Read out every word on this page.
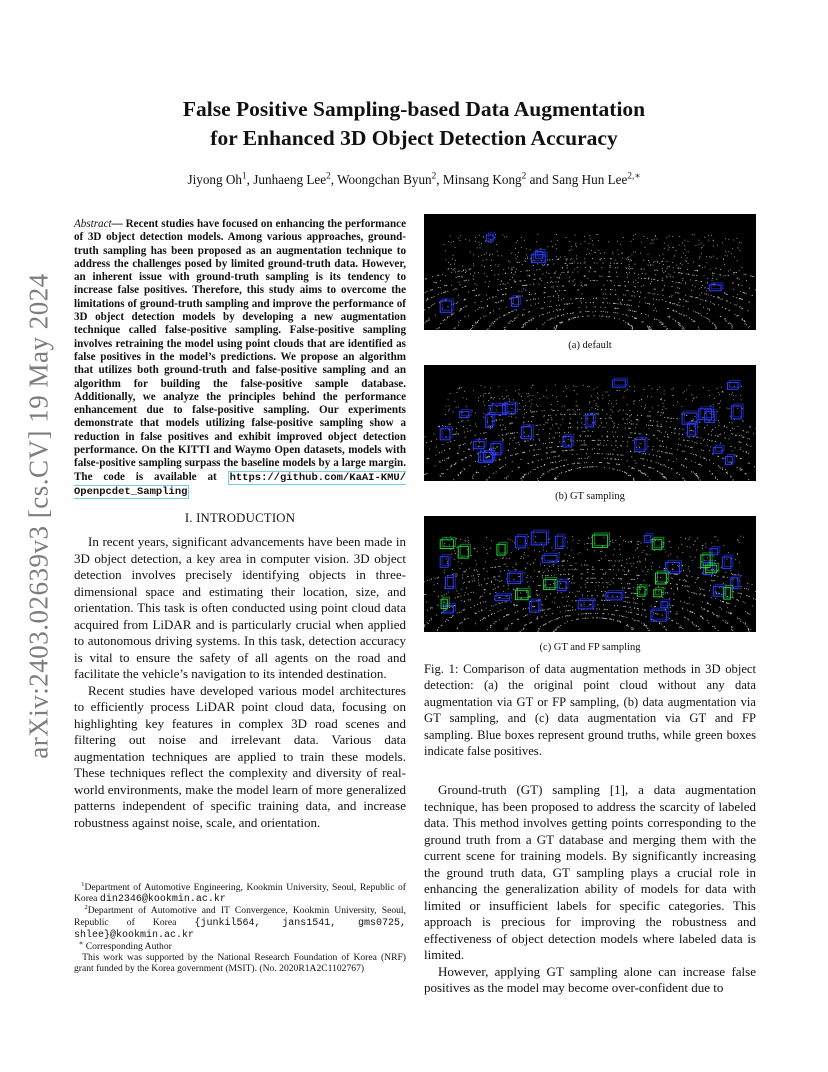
arXiv:2403.02639v3 [cs.CV] 19 May 2024
False Positive Sampling-based Data Augmentation
for Enhanced 3D Object Detection Accuracy
Jiyong Oh$^1$, Junhaeng Lee$^2$, Woongchan Byun$^2$, Minsang Kong$^2$ and Sang Hun Lee$^{2,∗}$
Abstract— Recent studies have focused on enhancing the performance of 3D object detection models. Among various approaches, ground-truth sampling has been proposed as an augmentation technique to address the challenges posed by limited ground-truth data. However, an inherent issue with ground-truth sampling is its tendency to increase false positives. Therefore, this study aims to overcome the limitations of ground-truth sampling and improve the performance of 3D object detection models by developing a new augmentation technique called false-positive sampling. False-positive sampling involves retraining the model using point clouds that are identified as false positives in the model’s predictions. We propose an algorithm that utilizes both ground-truth and false-positive sampling and an algorithm for building the false-positive sample database. Additionally, we analyze the principles behind the performance enhancement due to false-positive sampling. Our experiments demonstrate that models utilizing false-positive sampling show a reduction in false positives and exhibit improved object detection performance. On the KITTI and Waymo Open datasets, models with false-positive sampling surpass the baseline models by a large margin. The code is available at https://github.com/KaAI-KMU/ Openpcdet_Sampling
I. INTRODUCTION

In recent years, significant advancements have been made in 3D object detection, a key area in computer vision. 3D object detection involves precisely identifying objects in three-dimensional space and estimating their location, size, and orientation. This task is often conducted using point cloud data acquired from LiDAR and is particularly crucial when applied to autonomous driving systems. In this task, detection accuracy is vital to ensure the safety of all agents on the road and facilitate the vehicle’s navigation to its intended destination.

Recent studies have developed various model architectures to efficiently process LiDAR point cloud data, focusing on highlighting key features in complex 3D road scenes and filtering out noise and irrelevant data. Various data augmentation techniques are applied to train these models. These techniques reflect the complexity and diversity of real-world environments, make the model learn of more generalized patterns independent of specific training data, and increase robustness against noise, scale, and orientation.

$^1$Department of Automotive Engineering, Kookmin University, Seoul, Republic of Korea din2346@kookmin.ac.kr

$^2$Department of Automotive and IT Convergence, Kookmin University, Seoul, Republic of Korea {junkil564, jans1541, gms0725, shlee}@kookmin.ac.kr

∗ Corresponding Author

This work was supported by the National Research Foundation of Korea (NRF) grant funded by the Korea government (MSIT). (No. 2020R1A2C1102767)

(a) default
(b) GT sampling
(c) GT and FP sampling
Fig. 1: Comparison of data augmentation methods in 3D object detection: (a) the original point cloud without any data augmentation via GT or FP sampling, (b) data augmentation via GT sampling, and (c) data augmentation via GT and FP sampling. Blue boxes represent ground truths, while green boxes indicate false positives.

Ground-truth (GT) sampling [1], a data augmentation technique, has been proposed to address the scarcity of labeled data. This method involves getting points corresponding to the ground truth from a GT database and merging them with the current scene for training models. By significantly increasing the ground truth data, GT sampling plays a crucial role in enhancing the generalization ability of models for data with limited or insufficient labels for specific categories. This approach is precious for improving the robustness and effectiveness of object detection models where labeled data is limited.

However, applying GT sampling alone can increase false positives as the model may become over-confident due to
